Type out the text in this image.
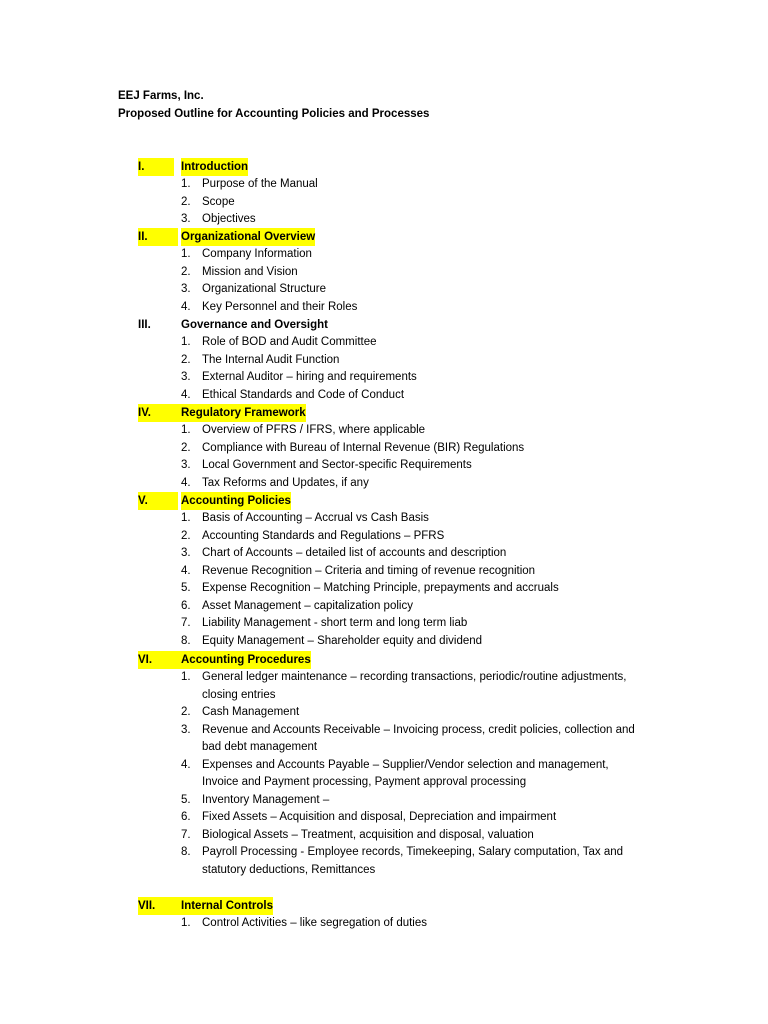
EEJ Farms, Inc.
Proposed Outline for Accounting Policies and Processes
I.	Introduction
1. Purpose of the Manual
2. Scope
3. Objectives
II.	Organizational Overview
1. Company Information
2. Mission and Vision
3. Organizational Structure
4. Key Personnel and their Roles
III.	Governance and Oversight
1. Role of BOD and Audit Committee
2. The Internal Audit Function
3. External Auditor – hiring and requirements
4. Ethical Standards and Code of Conduct
IV.	Regulatory Framework
1. Overview of PFRS / IFRS, where applicable
2. Compliance with Bureau of Internal Revenue (BIR) Regulations
3. Local Government and Sector-specific Requirements
4. Tax Reforms and Updates, if any
V.	Accounting Policies
1. Basis of Accounting – Accrual vs Cash Basis
2. Accounting Standards and Regulations – PFRS
3. Chart of Accounts – detailed list of accounts and description
4. Revenue Recognition – Criteria and timing of revenue recognition
5. Expense Recognition – Matching Principle, prepayments and accruals
6. Asset Management – capitalization policy
7. Liability Management - short term and long term liab
8. Equity Management – Shareholder equity and dividend
VI.	Accounting Procedures
1. General ledger maintenance – recording transactions, periodic/routine adjustments,
closing entries
2. Cash Management
3. Revenue and Accounts Receivable – Invoicing process, credit policies, collection and
bad debt management
4. Expenses and Accounts Payable – Supplier/Vendor selection and management,
Invoice and Payment processing, Payment approval processing
5. Inventory Management –
6. Fixed Assets – Acquisition and disposal, Depreciation and impairment
7. Biological Assets – Treatment, acquisition and disposal, valuation
8. Payroll Processing - Employee records, Timekeeping, Salary computation, Tax and
statutory deductions, Remittances
VII.	Internal Controls
1. Control Activities – like segregation of duties
